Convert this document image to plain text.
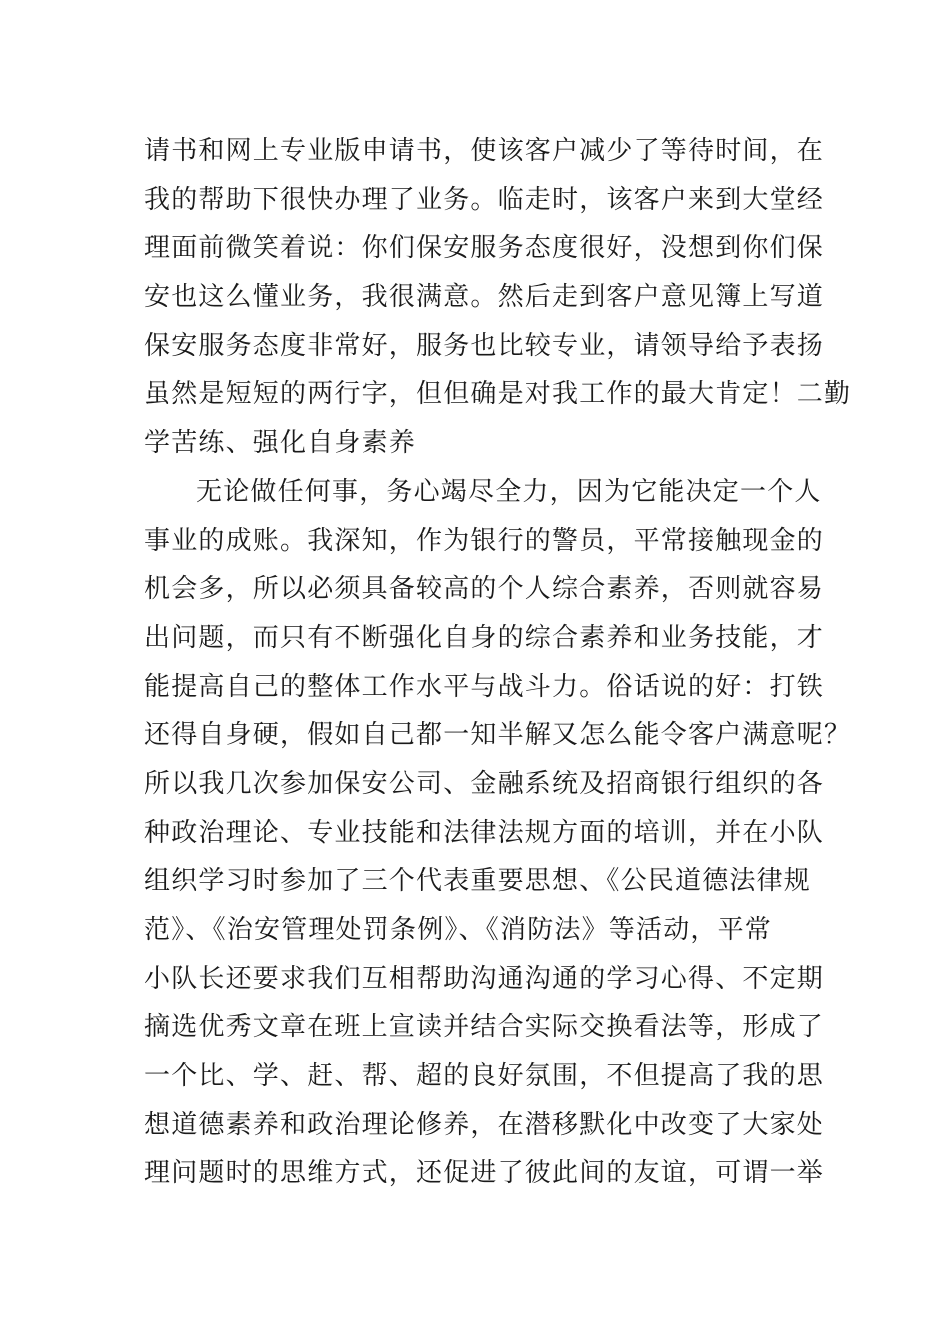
请书和网上专业版申请书，使该客户减少了等待时间，在
我的帮助下很快办理了业务。临走时，该客户来到大堂经
理面前微笑着说：你们保安服务态度很好，没想到你们保
安也这么懂业务，我很满意。然后走到客户意见簿上写道
保安服务态度非常好，服务也比较专业，请领导给予表扬
虽然是短短的两行字，但但确是对我工作的最大肯定！二勤
学苦练、强化自身素养
无论做任何事，务心竭尽全力，因为它能决定一个人
事业的成账。我深知，作为银行的警员，平常接触现金的
机会多，所以必须具备较高的个人综合素养，否则就容易
出问题，而只有不断强化自身的综合素养和业务技能，才
能提高自己的整体工作水平与战斗力。俗话说的好：打铁
还得自身硬，假如自己都一知半解又怎么能令客户满意呢？
所以我几次参加保安公司、金融系统及招商银行组织的各
种政治理论、专业技能和法律法规方面的培训，并在小队
组织学习时参加了三个代表重要思想、《公民道德法律规
范》、《治安管理处罚条例》、《消防法》等活动，平常
小队长还要求我们互相帮助沟通沟通的学习心得、不定期
摘选优秀文章在班上宣读并结合实际交换看法等，形成了
一个比、学、赶、帮、超的良好氛围，不但提高了我的思
想道德素养和政治理论修养，在潜移默化中改变了大家处
理问题时的思维方式，还促进了彼此间的友谊，可谓一举
